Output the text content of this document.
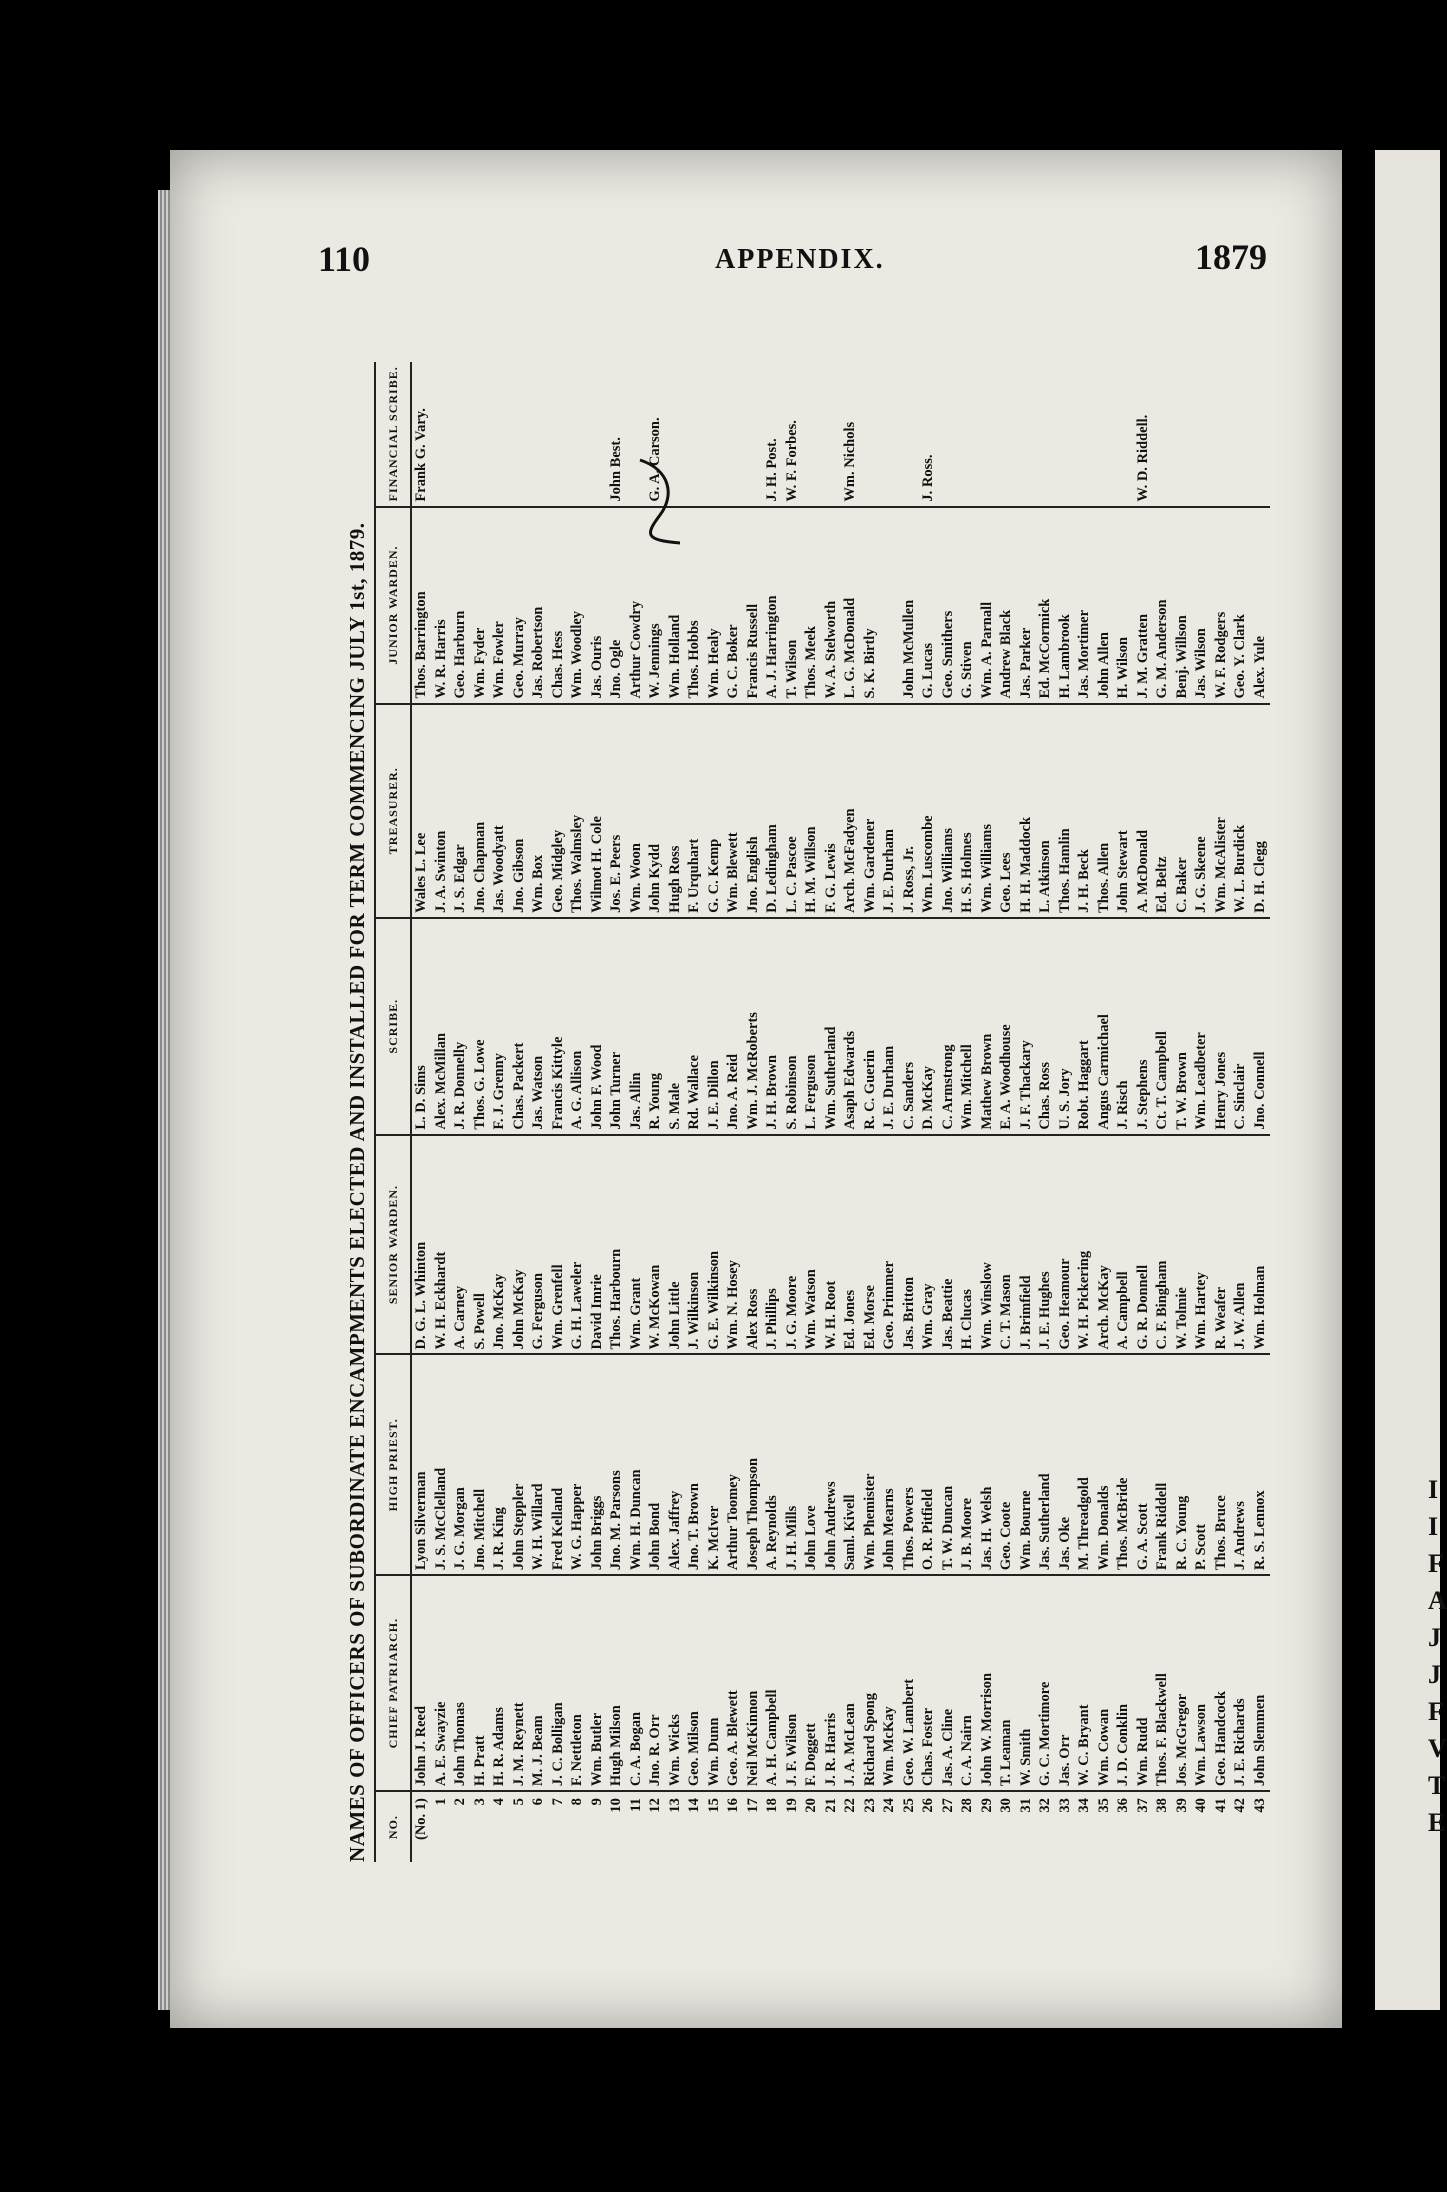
I
I
F
A
J
J
F
V
T
E
110	APPENDIX.	1879
NAMES OF OFFICERS OF SUBORDINATE ENCAMPMENTS ELECTED AND INSTALLED FOR TERM COMMENCING JULY 1st, 1879.	NO.	CHIEF PATRIARCH.	HIGH PRIEST.	SENIOR WARDEN.	SCRIBE.	TREASURER.	JUNIOR WARDEN.	FINANCIAL SCRIBE.
(No. 1)	John J. Reed	Lyon Silverman	D. G. L. Whinton	L. D. Sims	Wales L. Lee	Thos. Barrington	Frank G. Vary.
1	A. E. Swayzie	J. S. McClelland	W. H. Eckhardt	Alex. McMillan	J. A. Swinton	W. R. Harris	
2	John Thomas	J. G. Morgan	A. Carney	J. R. Donnelly	J. S. Edgar	Geo. Harburn	
3	H. Pratt	Jno. Mitchell	S. Powell	Thos. G. Lowe	Jno. Chapman	Wm. Fyder	
4	H. R. Adams	J. R. King	Jno. McKay	F. J. Grenny	Jas. Woodyatt	Wm. Fowler	
5	J. M. Reynett	John Steppler	John McKay	Chas. Packert	Jno. Gibson	Geo. Murray	
6	M. J. Beam	W. H. Willard	G. Ferguson	Jas. Watson	Wm. Box	Jas. Robertson	
7	J. C. Bolligan	Fred Kelland	Wm. Grenfell	Francis Kittyle	Geo. Midgley	Chas. Hess	
8	F. Nettleton	W. G. Happer	G. H. Laweler	A. G. Allison	Thos. Walmsley	Wm. Woodley	
9	Wm. Butler	John Briggs	David Imrie	John F. Wood	Wilmot H. Cole	Jas. Ouris	
10	Hugh Milson	Jno. M. Parsons	Thos. Harbourn	John Turner	Jos. E. Peers	Jno. Ogle	John Best.
11	C. A. Bogan	Wm. H. Duncan	Wm. Grant	Jas. Allin	Wm. Woon	Arthur Cowdry	
12	Jno. R. Orr	John Bond	W. McKowan	R. Young	John Kydd	W. Jennings	G. A. Carson.
13	Wm. Wicks	Alex. Jaffrey	John Little	S. Male	Hugh Ross	Wm. Holland	
14	Geo. Milson	Jno. T. Brown	J. Wilkinson	Rd. Wallace	F. Urquhart	Thos. Hobbs	
15	Wm. Dunn	K. McIver	G. E. Wilkinson	J. E. Dillon	G. C. Kemp	Wm. Healy	
16	Geo. A. Blewett	Arthur Toomey	Wm. N. Hosey	Jno. A. Reid	Wm. Blewett	G. C. Boker	
17	Neil McKinnon	Joseph Thompson	Alex Ross	Wm. J. McRoberts	Jno. English	Francis Russell	
18	A. H. Campbell	A. Reynolds	J. Phillips	J. H. Brown	D. Ledingham	A. J. Harrington	J. H. Post.
19	J. F. Wilson	J. H. Mills	J. G. Moore	S. Robinson	L. C. Pascoe	T. Wilson	W. F. Forbes.
20	F. Doggett	John Love	Wm. Watson	L. Ferguson	H. M. Willson	Thos. Meek	
21	J. R. Harris	John Andrews	W. H. Root	Wm. Sutherland	F. G. Lewis	W. A. Stelworth	
22	J. A. McLean	Saml. Kivell	Ed. Jones	Asaph Edwards	Arch. McFadyen	L. G. McDonald	Wm. Nichols
23	Richard Spong	Wm. Phemister	Ed. Morse	R. C. Guerin	Wm. Gardener	S. K. Birtly	
24	Wm. McKay	John Mearns	Geo. Primmer	J. E. Durham	J. E. Durham		
25	Geo. W. Lambert	Thos. Powers	Jas. Britton	C. Sanders	J. Ross, Jr.	John McMullen	
26	Chas. Foster	O. R. Pitfield	Wm. Gray	D. McKay	Wm. Luscombe	G. Lucas	J. Ross.
27	Jas. A. Cline	T. W. Duncan	Jas. Beattie	C. Armstrong	Jno. Williams	Geo. Smithers	
28	C. A. Nairn	J. B. Moore	H. Clucas	Wm. Mitchell	H. S. Holmes	G. Stiven	
29	John W. Morrison	Jas. H. Welsh	Wm. Winslow	Mathew Brown	Wm. Williams	Wm. A. Parnall	
30	T. Leaman	Geo. Coote	C. T. Mason	E. A. Woodhouse	Geo. Lees	Andrew Black	
31	W. Smith	Wm. Bourne	J. Brimfield	J. F. Thackary	H. H. Maddock	Jas. Parker	
32	G. C. Mortimore	Jas. Sutherland	J. E. Hughes	Chas. Ross	L. Atkinson	Ed. McCormick	
33	Jas. Orr	Jas. Oke	Geo. Heamour	U. S. Jory	Thos. Hamlin	H. Lambrook	
34	W. C. Bryant	M. Threadgold	W. H. Pickering	Robt. Haggart	J. H. Beck	Jas. Mortimer	
35	Wm. Cowan	Wm. Donalds	Arch. McKay	Angus Carmichael	Thos. Allen	John Allen	
36	J. D. Conklin	Thos. McBride	A. Campbell	J. Risch	John Stewart	H. Wilson	
37	Wm. Rudd	G. A. Scott	G. R. Donnell	J. Stephens	A. McDonald	J. M. Gratten	W. D. Riddell.
38	Thos. F. Blackwell	Frank Riddell	C. F. Bingham	Ct. T. Campbell	Ed. Beltz	G. M. Anderson	
39	Jos. McGregor	R. C. Young	W. Tolmie	T. W. Brown	C. Baker	Benj. Willson	
40	Wm. Lawson	P. Scott	Wm. Hartey	Wm. Leadbeter	J. G. Skeene	Jas. Wilson	
41	Geo. Handcock	Thos. Bruce	R. Weafer	Henry Jones	Wm. McAlister	W. F. Rodgers	
42	J. E. Richards	J. Andrews	J. W. Allen	C. Sinclair	W. L. Burdick	Geo. Y. Clark	
43	John Slemmen	R. S. Lennox	Wm. Holman	Jno. Connell	D. H. Clegg	Alex. Yule	
